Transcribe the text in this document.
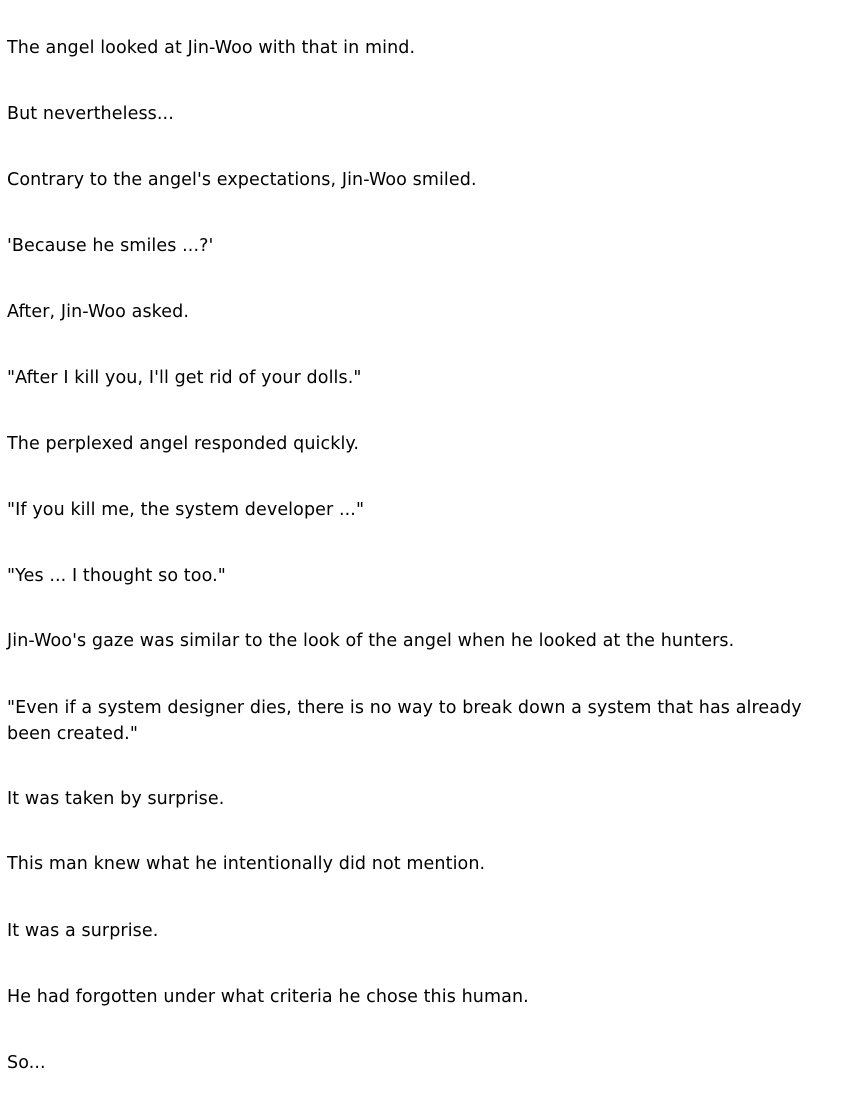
The angel looked at Jin-Woo with that in mind.

But nevertheless...

Contrary to the angel's expectations, Jin-Woo smiled.

'Because he smiles ...?'

After, Jin-Woo asked.

"After I kill you, I'll get rid of your dolls."

The perplexed angel responded quickly.

"If you kill me, the system developer ..."

"Yes ... I thought so too."

Jin-Woo's gaze was similar to the look of the angel when he looked at the hunters.

"Even if a system designer dies, there is no way to break down a system that has already been created."

It was taken by surprise.

This man knew what he intentionally did not mention.

It was a surprise.

He had forgotten under what criteria he chose this human.

So...
